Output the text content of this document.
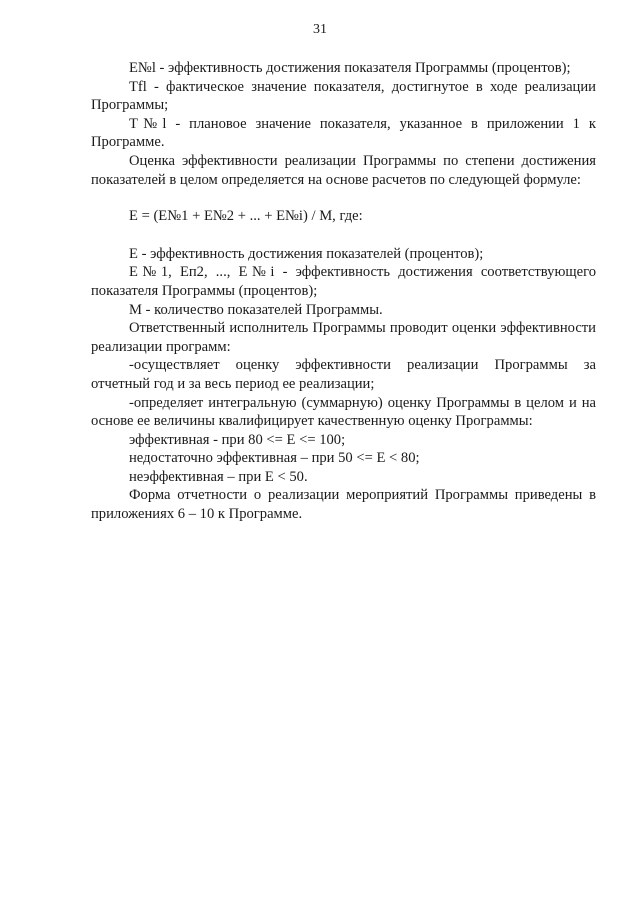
31

E№l - эффективность достижения показателя Программы (процентов);

Tfl - фактическое значение показателя, достигнутое в ходе реализации Программы;

T№l - плановое значение показателя, указанное в приложении 1 к Программе.

Оценка эффективности реализации Программы по степени достижения показателей в целом определяется на основе расчетов по следующей формуле:

E = (E№1 + E№2 + ... + E№i) / M, где:

E - эффективность достижения показателей (процентов);

E№1, Eп2, ..., E№i - эффективность достижения соответствующего показателя Программы (процентов);

M - количество показателей Программы.

Ответственный исполнитель Программы проводит оценки эффективности реализации программ:

-осуществляет оценку эффективности реализации Программы за отчетный год и за весь период ее реализации;

-определяет интегральную (суммарную) оценку Программы в целом и на основе ее величины квалифицирует качественную оценку Программы:

эффективная - при 80 <= E <= 100;

недостаточно эффективная – при 50 <= E < 80;

неэффективная – при E < 50.

Форма отчетности о реализации мероприятий Программы приведены в приложениях 6 – 10 к Программе.
